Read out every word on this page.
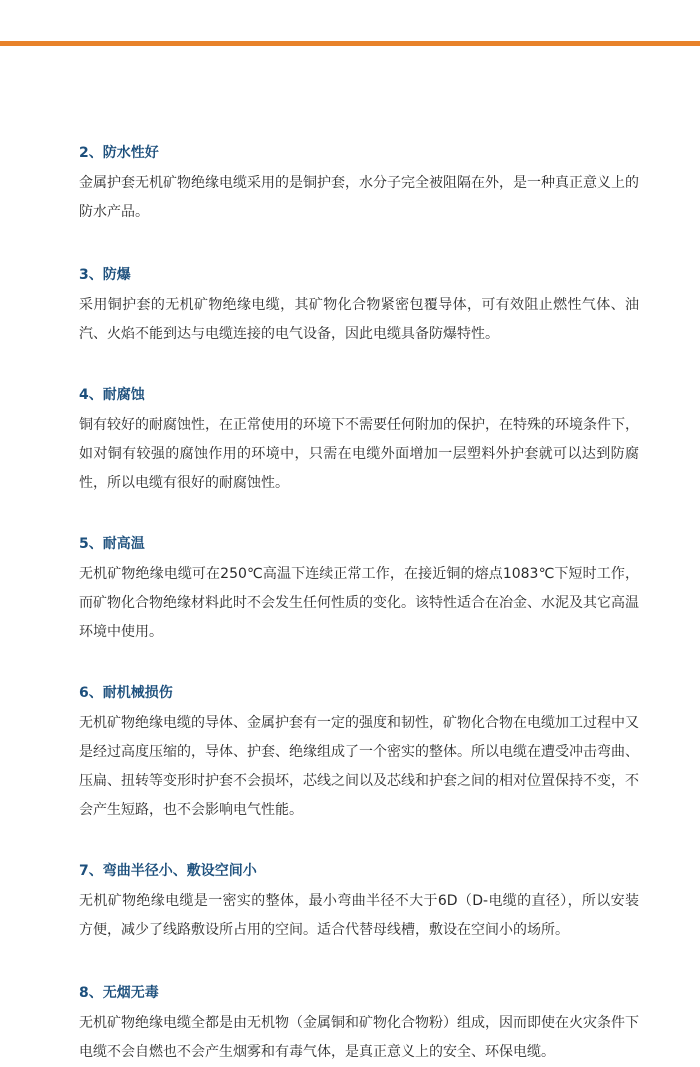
2、防水性好

金属护套无机矿物绝缘电缆采用的是铜护套，水分子完全被阻隔在外，是一种真正意义上的防水产品。

3、防爆

采用铜护套的无机矿物绝缘电缆，其矿物化合物紧密包覆导体，可有效阻止燃性气体、油汽、火焰不能到达与电缆连接的电气设备，因此电缆具备防爆特性。

4、耐腐蚀

铜有较好的耐腐蚀性，在正常使用的环境下不需要任何附加的保护，在特殊的环境条件下，如对铜有较强的腐蚀作用的环境中，只需在电缆外面增加一层塑料外护套就可以达到防腐性，所以电缆有很好的耐腐蚀性。

5、耐高温

无机矿物绝缘电缆可在250℃高温下连续正常工作，在接近铜的熔点1083℃下短时工作，而矿物化合物绝缘材料此时不会发生任何性质的变化。该特性适合在冶金、水泥及其它高温环境中使用。

6、耐机械损伤

无机矿物绝缘电缆的导体、金属护套有一定的强度和韧性，矿物化合物在电缆加工过程中又是经过高度压缩的，导体、护套、绝缘组成了一个密实的整体。所以电缆在遭受冲击弯曲、压扁、扭转等变形时护套不会损坏，芯线之间以及芯线和护套之间的相对位置保持不变，不会产生短路，也不会影响电气性能。

7、弯曲半径小、敷设空间小

无机矿物绝缘电缆是一密实的整体，最小弯曲半径不大于6D（D-电缆的直径），所以安装方便，减少了线路敷设所占用的空间。适合代替母线槽，敷设在空间小的场所。

8、无烟无毒

无机矿物绝缘电缆全都是由无机物（金属铜和矿物化合物粉）组成，因而即使在火灾条件下电缆不会自燃也不会产生烟雾和有毒气体，是真正意义上的安全、环保电缆。
